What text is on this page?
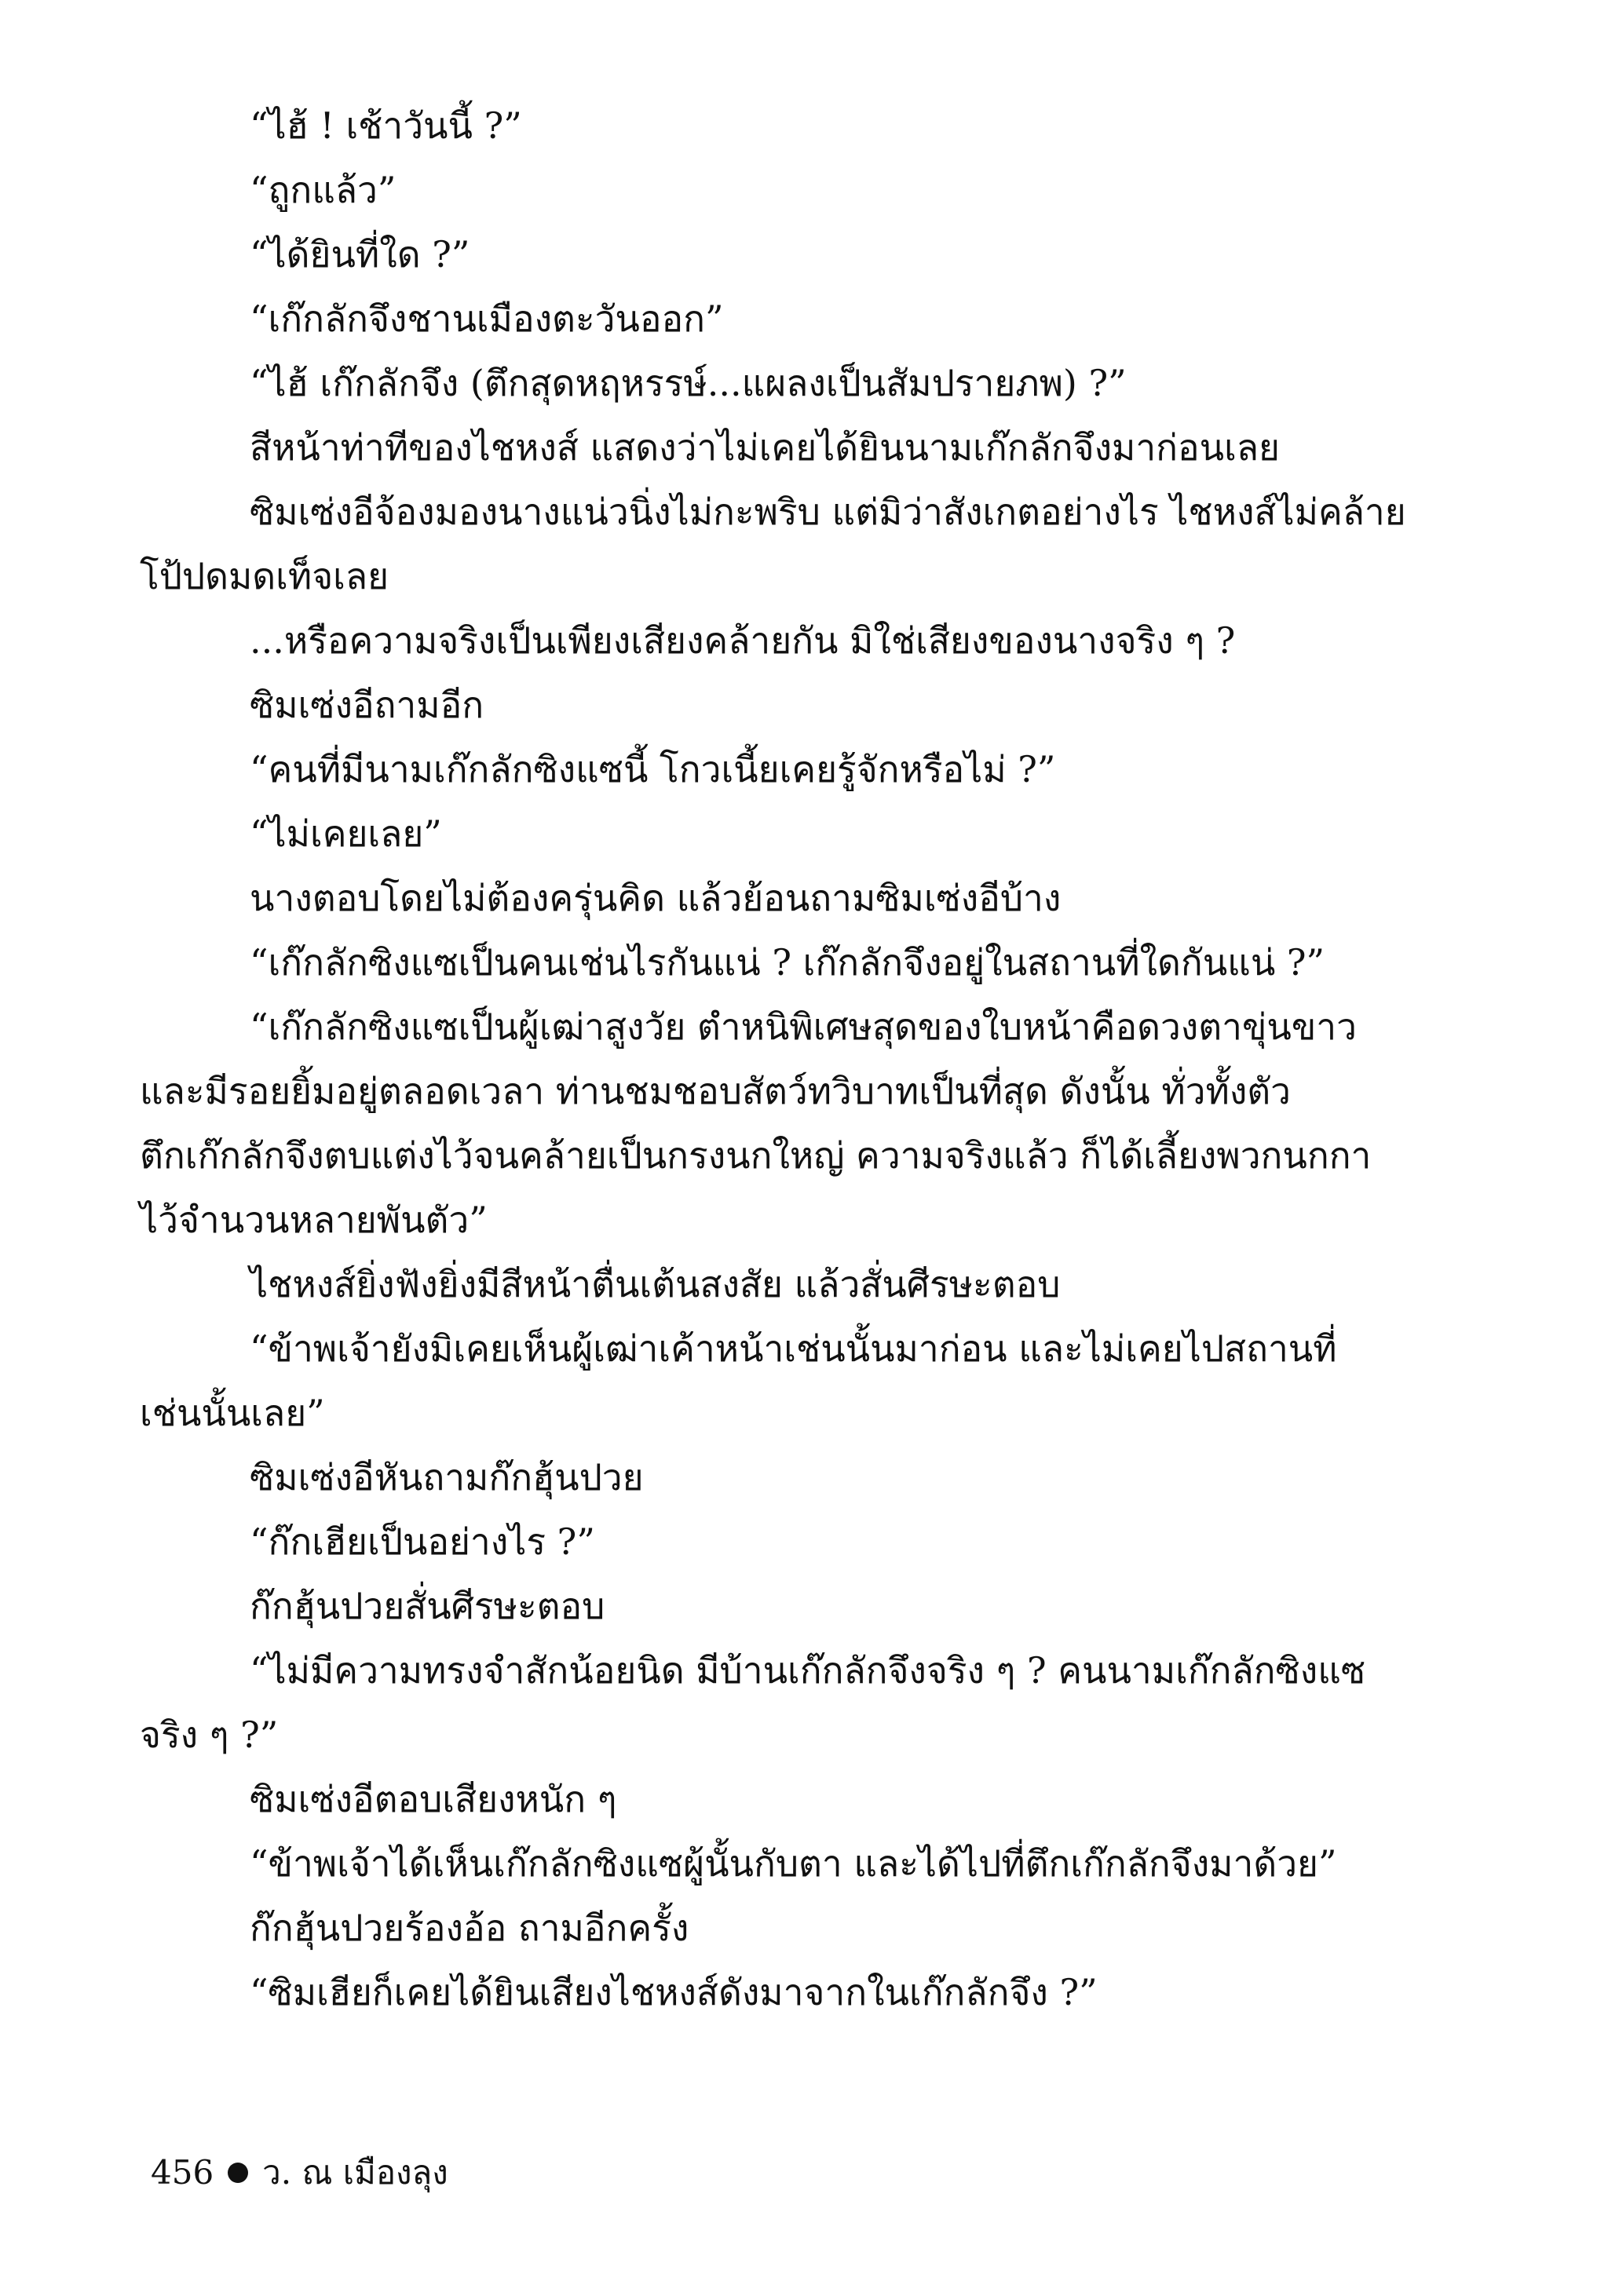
“ไฮ้ ! เช้าวันนี้ ?”
“ถูกแล้ว”
“ได้ยินที่ใด ?”
“เก๊กลักจึงชานเมืองตะวันออก”
“ไฮ้ เก๊กลักจึง (ตึกสุดหฤหรรษ์...แผลงเป็นสัมปรายภพ) ?”
สีหน้าท่าทีของไชหงส์ แสดงว่าไม่เคยได้ยินนามเก๊กลักจึงมาก่อนเลย
ซิมเซ่งอีจ้องมองนางแน่วนิ่งไม่กะพริบ แต่มิว่าสังเกตอย่างไร ไชหงส์ไม่คล้าย
โป้ปดมดเท็จเลย
...หรือความจริงเป็นเพียงเสียงคล้ายกัน มิใช่เสียงของนางจริง ๆ ?
ซิมเซ่งอีถามอีก
“คนที่มีนามเก๊กลักซิงแซนี้ โกวเนี้ยเคยรู้จักหรือไม่ ?”
“ไม่เคยเลย”
นางตอบโดยไม่ต้องครุ่นคิด แล้วย้อนถามซิมเซ่งอีบ้าง
“เก๊กลักซิงแซเป็นคนเช่นไรกันแน่ ? เก๊กลักจึงอยู่ในสถานที่ใดกันแน่ ?”
“เก๊กลักซิงแซเป็นผู้เฒ่าสูงวัย ตำหนิพิเศษสุดของใบหน้าคือดวงตาขุ่นขาว
และมีรอยยิ้มอยู่ตลอดเวลา ท่านชมชอบสัตว์ทวิบาทเป็นที่สุด ดังนั้น ทั่วทั้งตัว
ตึกเก๊กลักจึงตบแต่งไว้จนคล้ายเป็นกรงนกใหญ่ ความจริงแล้ว ก็ได้เลี้ยงพวกนกกา
ไว้จำนวนหลายพันตัว”
ไชหงส์ยิ่งฟังยิ่งมีสีหน้าตื่นเต้นสงสัย แล้วสั่นศีรษะตอบ
“ข้าพเจ้ายังมิเคยเห็นผู้เฒ่าเค้าหน้าเช่นนั้นมาก่อน และไม่เคยไปสถานที่
เช่นนั้นเลย”
ซิมเซ่งอีหันถามก๊กฮุ้นปวย
“ก๊กเฮียเป็นอย่างไร ?”
ก๊กฮุ้นปวยสั่นศีรษะตอบ
“ไม่มีความทรงจำสักน้อยนิด มีบ้านเก๊กลักจึงจริง ๆ ? คนนามเก๊กลักซิงแซ
จริง ๆ ?”
ซิมเซ่งอีตอบเสียงหนัก ๆ
“ข้าพเจ้าได้เห็นเก๊กลักซิงแซผู้นั้นกับตา และได้ไปที่ตึกเก๊กลักจึงมาด้วย”
ก๊กฮุ้นปวยร้องอ้อ ถามอีกครั้ง
“ซิมเฮียก็เคยได้ยินเสียงไชหงส์ดังมาจากในเก๊กลักจึง ?”
456 ว. ณ เมืองลุง
